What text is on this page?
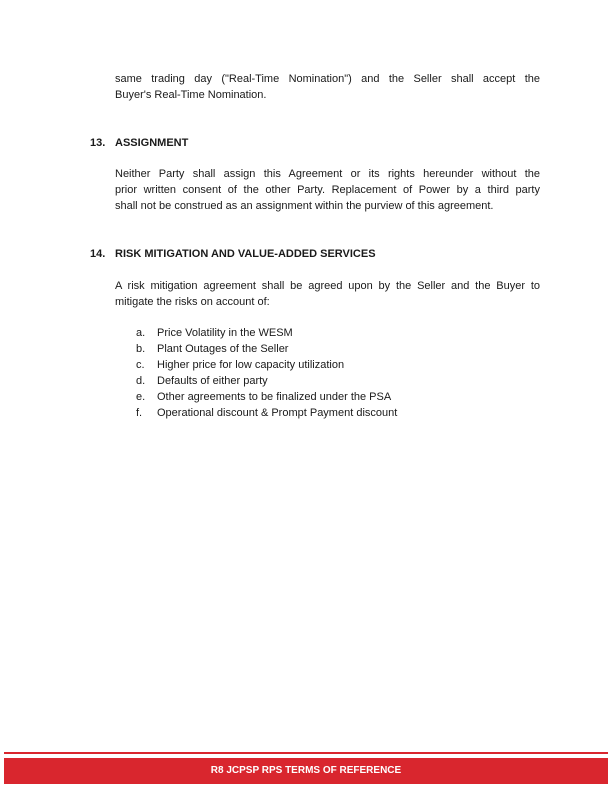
same trading day ("Real-Time Nomination") and the Seller shall accept the
Buyer's Real-Time Nomination.

13. ASSIGNMENT

Neither Party shall assign this Agreement or its rights hereunder without the
prior written consent of the other Party. Replacement of Power by a third party
shall not be construed as an assignment within the purview of this agreement.

14. RISK MITIGATION AND VALUE-ADDED SERVICES

A risk mitigation agreement shall be agreed upon by the Seller and the Buyer to
mitigate the risks on account of:

a.	Price Volatility in the WESM
b.	Plant Outages of the Seller
c.	Higher price for low capacity utilization
d.	Defaults of either party
e.	Other agreements to be finalized under the PSA
f.	Operational discount & Prompt Payment discount
R8 JCPSP RPS TERMS OF REFERENCE
